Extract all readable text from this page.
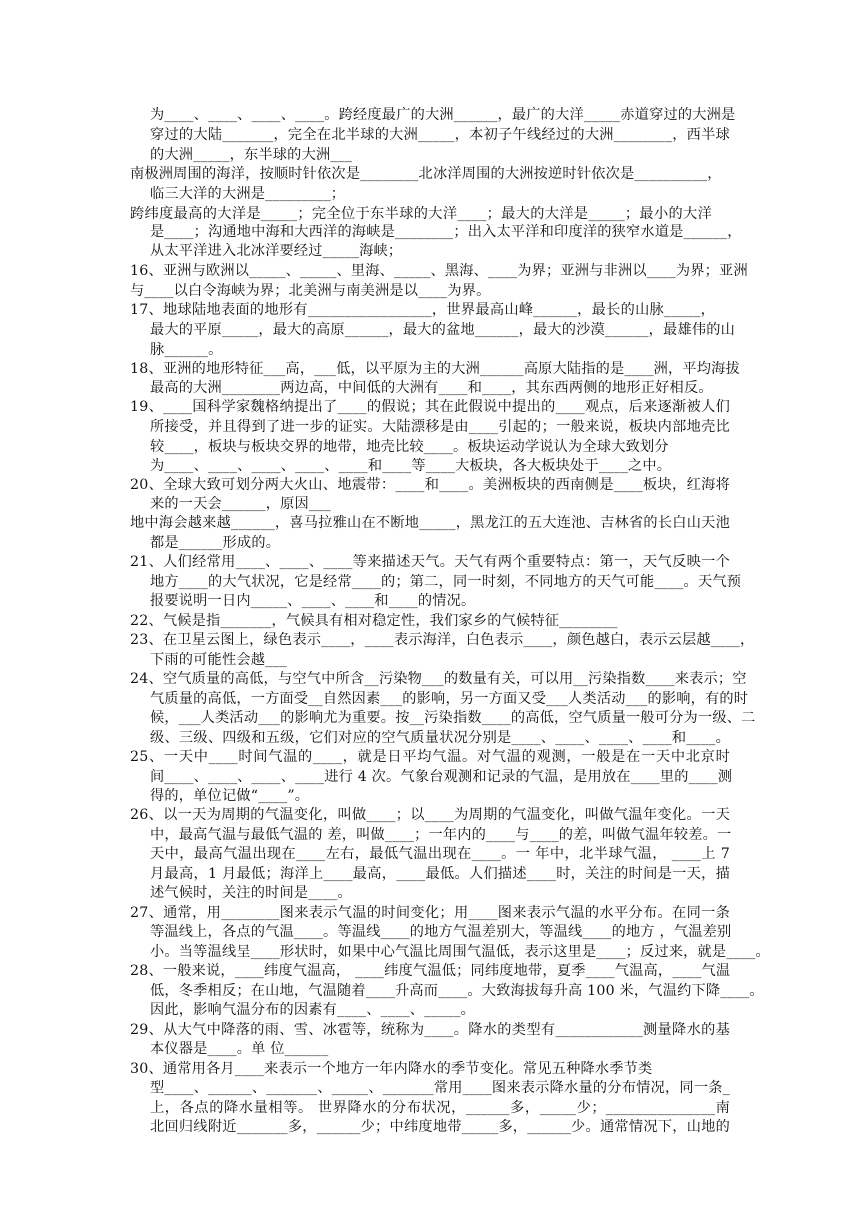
为____、____、____、____。跨经度最广的大洲______，最广的大洋_____赤道穿过的大洲是
穿过的大陆_______，完全在北半球的大洲_____，本初子午线经过的大洲________，西半球
的大洲_____，东半球的大洲___
南极洲周围的海洋，按顺时针依次是________北冰洋周围的大洲按逆时针依次是__________，
临三大洋的大洲是_________；
跨纬度最高的大洋是_____；完全位于东半球的大洋____；最大的大洋是_____；最小的大洋
是____；沟通地中海和大西洋的海峡是________；出入太平洋和印度洋的狭窄水道是______，
从太平洋进入北冰洋要经过_____海峡；
16、亚洲与欧洲以_____、_____、里海、_____、黑海、____为界；亚洲与非洲以____为界；亚洲
与____以白令海峡为界；北美洲与南美洲是以____为界。
17、地球陆地表面的地形有_________________，世界最高山峰______，最长的山脉_____，
最大的平原_____，最大的高原______，最大的盆地______，最大的沙漠______，最雄伟的山
脉______。
18、亚洲的地形特征___高，___低，以平原为主的大洲______高原大陆指的是____洲，平均海拔
最高的大洲________两边高，中间低的大洲有____和____，其东西两侧的地形正好相反。
19、____国科学家魏格纳提出了____的假说；其在此假说中提出的____观点，后来逐渐被人们
所接受，并且得到了进一步的证实。大陆漂移是由____引起的；一般来说，板块内部地壳比
较____，板块与板块交界的地带，地壳比较____。板块运动学说认为全球大致划分
为____、____、____、____、____和____等____大板块，各大板块处于____之中。
20、全球大致可划分两大火山、地震带：____和____。美洲板块的西南侧是____板块，红海将
来的一天会______，原因___
地中海会越来越______，喜马拉雅山在不断地_____，黑龙江的五大连池、吉林省的长白山天池
都是______形成的。
21、人们经常用____、____、____等来描述天气。天气有两个重要特点：第一，天气反映一个
地方____的大气状况，它是经常____的；第二，同一时刻，不同地方的天气可能____。天气预
报要说明一日内_____、____、____和____的情况。
22、气候是指_______，气候具有相对稳定性，我们家乡的气候特征________
23、在卫星云图上，绿色表示____，____表示海洋，白色表示____，颜色越白，表示云层越____，
下雨的可能性会越___
24、空气质量的高低，与空气中所含__污染物___的数量有关，可以用__污染指数____来表示；空
气质量的高低，一方面受__自然因素___的影响，另一方面又受___人类活动___的影响，有的时
候，___人类活动___的影响尤为重要。按__污染指数____的高低，空气质量一般可分为一级、二
级、三级、四级和五级，它们对应的空气质量状况分别是____、____、____、____和____。
25、一天中____时间气温的____，就是日平均气温。对气温的观测，一般是在一天中北京时
间____、____、____、____进行 4 次。气象台观测和记录的气温，是用放在____里的____测
得的，单位记做“____”。
26、以一天为周期的气温变化，叫做____；以____为周期的气温变化，叫做气温年变化。一天
中，最高气温与最低气温的 差，叫做____；一年内的____与____的差，叫做气温年较差。一
天中，最高气温出现在____左右，最低气温出现在____。一 年中，北半球气温， ____上 7
月最高，1 月最低；海洋上____最高，____最低。人们描述____时，关注的时间是一天，描
述气候时，关注的时间是____。
27、通常，用________图来表示气温的时间变化；用____图来表示气温的水平分布。在同一条
等温线上，各点的气温____。等温线____的地方气温差别大，等温线____的地方 ，气温差别
小。当等温线呈____形状时，如果中心气温比周围气温低，表示这里是____；反过来，就是____。
28、一般来说，____纬度气温高， ____纬度气温低；同纬度地带，夏季____气温高，____气温
低，冬季相反；在山地，气温随着____升高而____。大致海拔每升高 100 米，气温约下降____。
因此，影响气温分布的因素有____、____、_____。
29、从大气中降落的雨、雪、冰雹等，统称为____。降水的类型有____________测量降水的基
本仪器是____。单 位______
30、通常用各月____来表示一个地方一年内降水的季节变化。常见五种降水季节类
型____、______、_______、_____、_______常用____图来表示降水量的分布情况，同一条_
上，各点的降水量相等。 世界降水的分布状况，______多，_____少；_______________南
北回归线附近_______多，______少；中纬度地带_____多，______少。通常情况下，山地的
